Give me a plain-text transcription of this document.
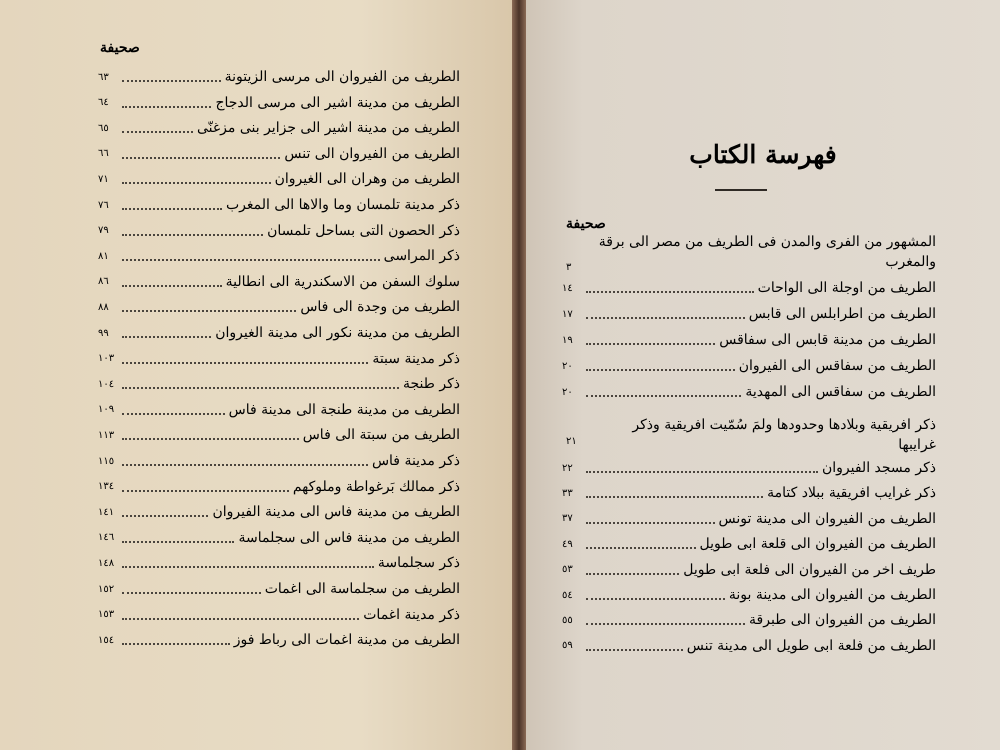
صحيفة
الطريف من الفيروان الى مرسى الزيتونة
٦٣
الطريف من مدينة اشير الى مرسى الدجاج
٦٤
الطريف من مدينة اشير الى جزاير بنى مزغنّى
٦٥
الطريف من الفيروان الى تنس
٦٦
الطريف من وهران الى الغيروان
٧١
ذكر مدينة تلمسان وما والاها الى المغرب
٧٦
ذكر الحصون التى بساحل تلمسان
٧٩
ذكر المراسى
٨١
سلوك السفن من الاسكندرية الى انطالية
٨٦
الطريف من وجدة الى فاس
٨٨
الطريف من مدينة نكور الى مدينة الغيروان
٩٩
ذكر مدينة سبتة
١٠٣
ذكر طنجة
١٠٤
الطريف من مدينة طنجة الى مدينة فاس
١٠٩
الطريف من سبتة الى فاس
١١٣
ذكر مدينة فاس
١١٥
ذكر ممالك بَرغواطة وملوكهم
١٣٤
الطريف من مدينة فاس الى مدينة الفيروان
١٤١
الطريف من مدينة فاس الى سجلماسة
١٤٦
ذكر سجلماسة
١٤٨
الطريف من سجلماسة الى اغمات
١٥٢
ذكر مدينة اغمات
١٥٣
الطريف من مدينة اغمات الى رباط فوز
١٥٤
فهرسة الكتاب
صحيفة
المشهور من الفرى والمدن فى الطريف من مصر الى برقة
والمغرب
٣
الطريف من اوجلة الى الواحات
١٤
الطريف من اطرابلس الى قابس
١٧
الطريف من مدينة قابس الى سفاقس
١٩
الطريف من سفاقس الى الفيروان
٢٠
الطريف من سفاقس الى المهدية
٢٠
ذكر افريقية وبلادها وحدودها ولمَ سُمّيت افريقية وذكر
غرايبها
٢١
ذكر مسجد الفيروان
٢٢
ذكر غرايب افريقية ببلاد كتامة
٣٣
الطريف من الفيروان الى مدينة تونس
٣٧
الطريف من الفيروان الى قلعة ابى طويل
٤٩
طريف اخر من الفيروان الى فلعة ابى طويل
٥٣
الطريف من الفيروان الى مدينة بونة
٥٤
الطريف من الفيروان الى طبرقة
٥٥
الطريف من فلعة ابى طويل الى مدينة تنس
٥٩
